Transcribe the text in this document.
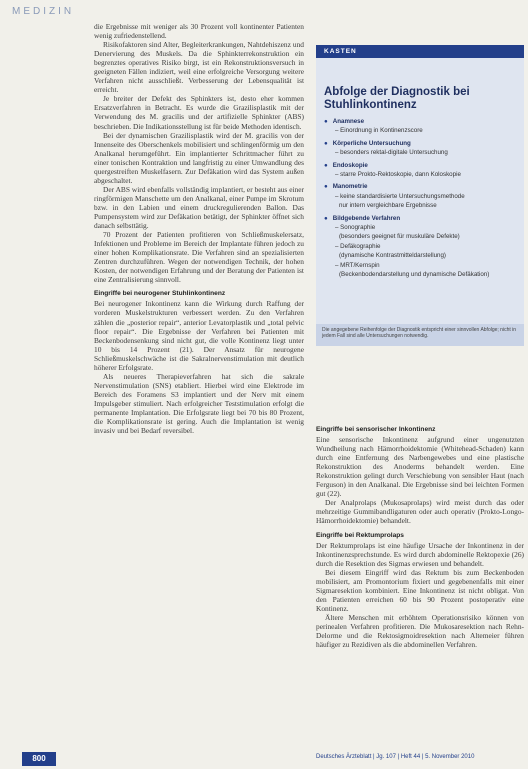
MEDIZIN

die Ergebnisse mit weniger als 30 Prozent voll kontinenter Patienten wenig zufriedenstellend.

Risikofaktoren sind Alter, Begleiterkrankungen, Nahtdehiszenz und Denervierung des Muskels. Da die Sphinkterrekonstruktion ein begrenztes operatives Risiko birgt, ist ein Rekonstruktionsversuch in geeigneten Fällen indiziert, weil eine erfolgreiche Versorgung weitere Verfahren nicht ausschließt. Verbesserung der Lebensqualität ist erreicht.

Je breiter der Defekt des Sphinkters ist, desto eher kommen Ersatzverfahren in Betracht. Es wurde die Grazilisplastik mit der Verwendung des M. gracilis und der artifizielle Sphinkter (ABS) beschrieben. Die Indikationsstellung ist für beide Methoden identisch.

Bei der dynamischen Grazilisplastik wird der M. gracilis von der Innenseite des Oberschenkels mobilisiert und schlingenförmig um den Analkanal herumgeführt. Ein implantierter Schrittmacher führt zu einer tonischen Kontraktion und langfristig zu einer Umwandlung des quergestreiften Muskelfasern. Zur Defäkation wird das System außen abgeschaltet.

Der ABS wird ebenfalls vollständig implantiert, er besteht aus einer ringförmigen Manschette um den Analkanal, einer Pumpe im Skrotum bzw. in den Labien und einem druckregulierenden Ballon. Das Pumpensystem wird zur Defäkation betätigt, der Sphinkter öffnet sich danach selbsttätig.

70 Prozent der Patienten profitieren von Schließmuskelersatz, Infektionen und Probleme im Bereich der Implantate führen jedoch zu einer hohen Komplikationsrate. Die Verfahren sind an spezialisierten Zentren durchzuführen. Wegen der notwendigen Technik, der hohen Kosten, der notwendigen Erfahrung und der Beratung der Patienten ist eine Zentralisierung sinnvoll.

Eingriffe bei neurogener Stuhlinkontinenz

Bei neurogener Inkontinenz kann die Wirkung durch Raffung der vorderen Muskelstrukturen verbessert werden. Zu den Verfahren zählen die „posterior repair“, anterior Levatorplastik und „total pelvic floor repair“. Die Ergebnisse der Verfahren bei Patienten mit Beckenbodensenkung sind nicht gut, die volle Kontinenz liegt unter 10 bis 14 Prozent (21). Der Ansatz für neurogene Schließmuskelschwäche ist die Sakralnervenstimulation mit deutlich höherer Erfolgsrate.

Als neueres Therapieverfahren hat sich die sakrale Nervenstimulation (SNS) etabliert. Hierbei wird eine Elektrode im Bereich des Foramens S3 implantiert und der Nerv mit einem Impulsgeber stimuliert. Nach erfolgreicher Teststimulation erfolgt die permanente Implantation. Die Erfolgsrate liegt bei 70 bis 80 Prozent, die Komplikationsrate ist gering. Auch die Implantation ist wenig invasiv und bei Bedarf reversibel.

KASTEN
Abfolge der Diagnostik bei Stuhlinkontinenz
● Anamnese
– Einordnung in Kontinenzscore
● Körperliche Untersuchung
– besonders rektal-digitale Untersuchung
● Endoskopie
– starre Prokto-Rektoskopie, dann Koloskopie
● Manometrie
– keine standardisierte Untersuchungsmethode
nur intern vergleichbare Ergebnisse
● Bildgebende Verfahren
– Sonographie
(besonders geeignet für muskuläre Defekte)
– Defäkographie
(dynamische Kontrastmitteldarstellung)
– MRT/Kernspin
(Beckenbodendarstellung und dynamische Defäkation)
Die angegebene Reihenfolge der Diagnostik entspricht einer sinnvollen Abfolge; nicht in jedem Fall sind alle Untersuchungen notwendig.
Eingriffe bei sensorischer Inkontinenz

Eine sensorische Inkontinenz aufgrund einer ungenutzten Wundheilung nach Hämorrhoidektomie (Whitehead-Schaden) kann durch eine Entfernung des Narbengewebes und eine plastische Rekonstruktion des Anoderms behandelt werden. Eine Rekonstruktion gelingt durch Verschiebung von sensibler Haut (nach Ferguson) in den Analkanal. Die Ergebnisse sind bei leichten Formen gut (22).

Der Analprolaps (Mukosaprolaps) wird meist durch das oder mehrzeitige Gummibandligaturen oder auch operativ (Prokto-Longo-Hämorrhoidektomie) behandelt.

Eingriffe bei Rektumprolaps

Der Rektumprolaps ist eine häufige Ursache der Inkontinenz in der Inkontinenzsprechstunde. Es wird durch abdominelle Rektopexie (26) durch die Resektion des Sigmas erwiesen und behandelt.

Bei diesem Eingriff wird das Rektum bis zum Beckenboden mobilisiert, am Promontorium fixiert und gegebenenfalls mit einer Sigmaresektion kombiniert. Eine Inkontinenz ist nicht obligat. Von den Patienten erreichen 60 bis 90 Prozent postoperativ eine Kontinenz.

Ältere Menschen mit erhöhtem Operationsrisiko können von perinealen Verfahren profitieren. Die Mukosaresektion nach Rehn-Delorme und die Rektosigmoidresektion nach Altemeier führen häufiger zu Rezidiven als die abdominellen Verfahren.

800	Deutsches Ärzteblatt | Jg. 107 | Heft 44 | 5. November 2010
